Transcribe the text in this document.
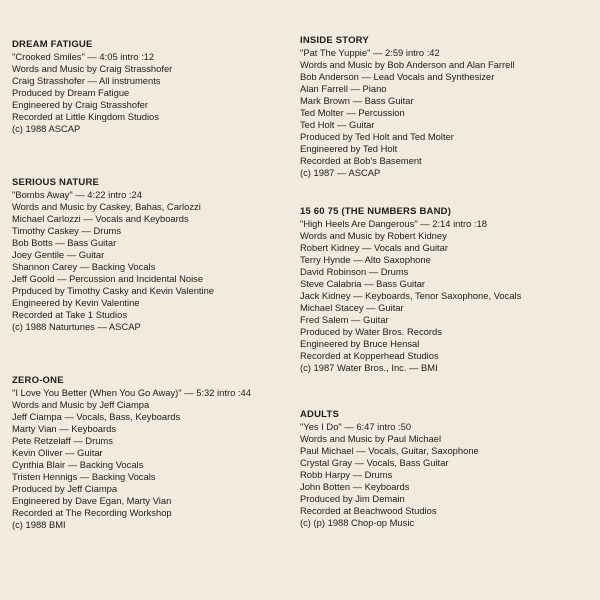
DREAM FATIGUE
"Crooked Smiles" — 4:05 intro :12
Words and Music by Craig Strasshofer
Craig Strasshofer — All instruments
Produced by Dream Fatigue
Engineered by Craig Strasshofer
Recorded at Little Kingdom Studios
(c) 1988 ASCAP
SERIOUS NATURE
"Bombs Away" — 4:22 intro :24
Words and Music by Caskey, Bahas, Carlozzi
Michael Carlozzi — Vocals and Keyboards
Timothy Caskey — Drums
Bob Botts — Bass Guitar
Joey Gentile — Guitar
Shannon Carey — Backing Vocals
Jeff Goold — Percussion and Incidental Noise
Prpduced by Timothy Casky and Kevin Valentine
Engineered by Kevin Valentine
Recorded at Take 1 Studios
(c) 1988 Naturtunes — ASCAP
ZERO-ONE
"I Love You Better (When You Go Away)" — 5:32 intro :44
Words and Music by Jeff Ciampa
Jeff Ciampa — Vocals, Bass, Keyboards
Marty Vian — Keyboards
Pete Retzelaff — Drums
Kevin Oliver — Guitar
Cynthia Blair — Backing Vocals
Tristen Hennigs — Backing Vocals
Produced by Jeff Ciampa
Engineered by Dave Egan, Marty Vian
Recorded at The Recording Workshop
(c) 1988 BMI
INSIDE STORY
"Pat The Yuppie" — 2:59 intro :42
Words and Music by Bob Anderson and Alan Farrell
Bob Anderson — Lead Vocals and Synthesizer
Alan Farrell — Piano
Mark Brown — Bass Guitar
Ted Molter — Percussion
Ted Holt — Guitar
Produced by Ted Holt and Ted Molter
Engineered by Ted Holt
Recorded at Bob's Basement
(c) 1987 — ASCAP
15 60 75 (THE NUMBERS BAND)
"High Heels Are Dangerous" — 2:14 intro :18
Words and Music by Robert Kidney
Robert Kidney — Vocals and Guitar
Terry Hynde — Alto Saxophone
David Robinson — Drums
Steve Calabria — Bass Guitar
Jack Kidney — Keyboards, Tenor Saxophone, Vocals
Michael Stacey — Guitar
Fred Salem — Guitar
Produced by Water Bros. Records
Engineered by Bruce Hensal
Recorded at Kopperhead Studios
(c) 1987 Water Bros., Inc. — BMI
ADULTS
"Yes I Do" — 6:47 intro :50
Words and Music by Paul Michael
Paul Michael — Vocals, Guitar, Saxophone
Crystal Gray — Vocals, Bass Guitar
Robb Harpy — Drums
John Botten — Keyboards
Produced by Jim Demain
Recorded at Beachwood Studios
(c) (p) 1988 Chop-op Music
